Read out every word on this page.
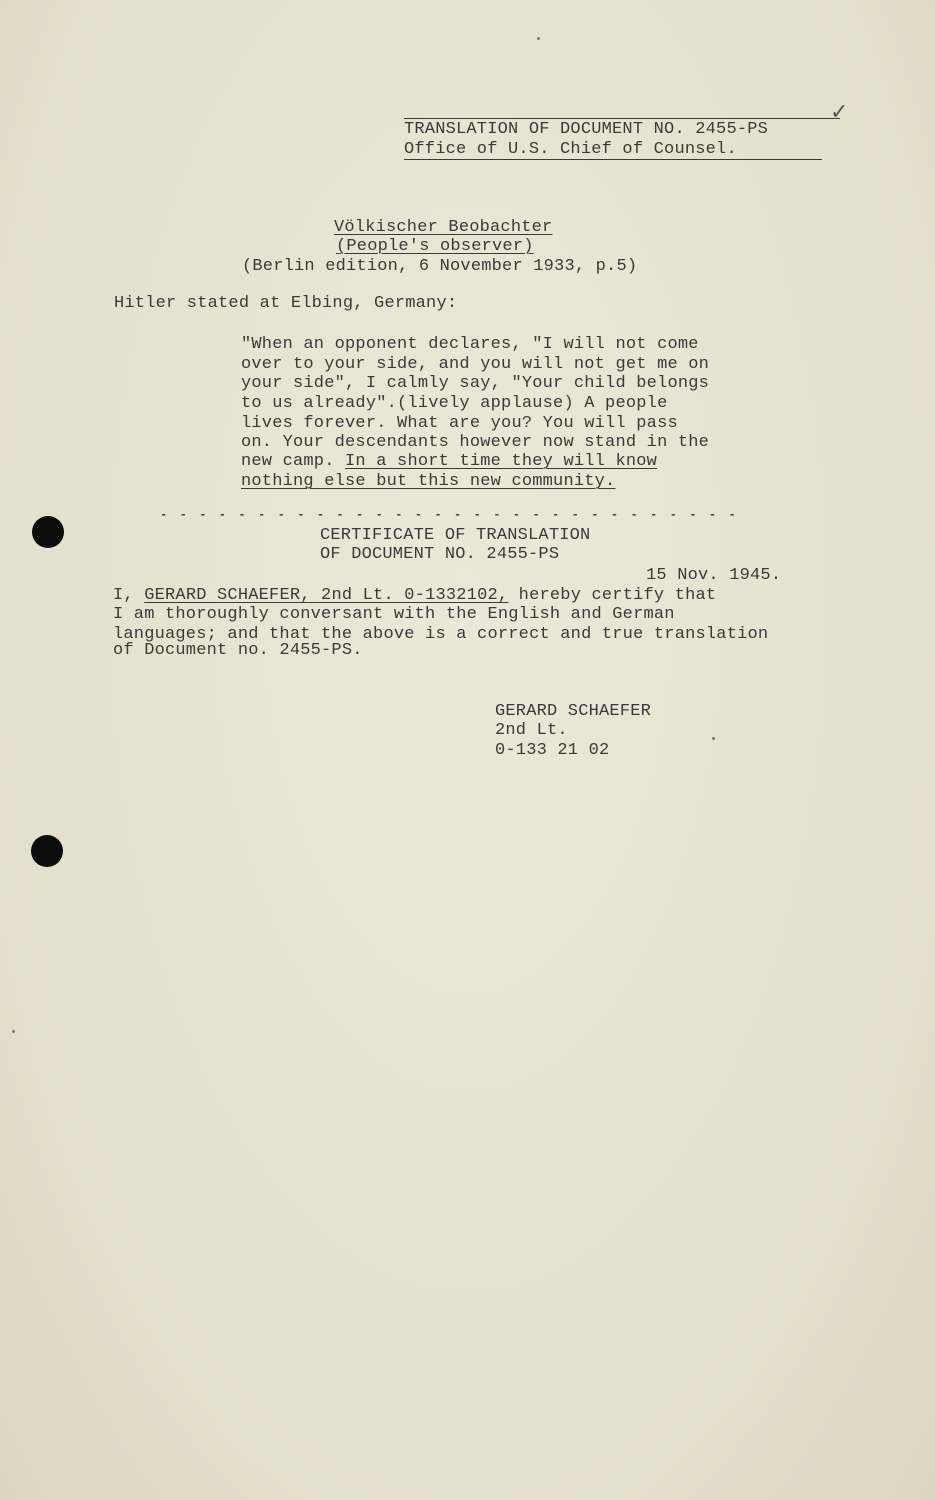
TRANSLATION OF DOCUMENT NO. 2455-PS
Office of U.S. Chief of Counsel.
✓
Völkischer Beobachter
(People's observer)
(Berlin edition, 6 November 1933, p.5)
Hitler stated at Elbing, Germany:
"When an opponent declares, "I will not come
over to your side, and you will not get me on
your side", I calmly say, "Your child belongs
to us already".(lively applause) A people
lives forever. What are you? You will pass
on. Your descendants however now stand in the
new camp. In a short time they will know
nothing else but this new community.
- - - - - - - - - - - - - - - - - - - - - - - - - - - - - -
CERTIFICATE OF TRANSLATION
OF DOCUMENT NO. 2455-PS
15 Nov. 1945.
I, GERARD SCHAEFER, 2nd Lt. 0-1332102, hereby certify that
I am thoroughly conversant with the English and German
languages; and that the above is a correct and true translation
of Document no. 2455-PS.
GERARD SCHAEFER
2nd Lt.
0-133 21 02
